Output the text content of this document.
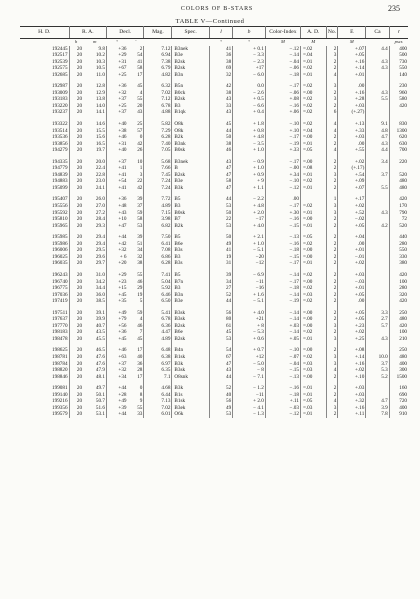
COLORS OF B-STARS	235
TABLE V—Continued
H. D.	R. A.		Decl.		Mag.	Spec.	l	b	Color-Index	A. D.	No.	E	Ca	r
	h	m	°	′			°	°	M	M		M		pscs
192445	20	9.8	+36	2	7.12	B3nek	41	+ 0.1	−.12	=.02	2	+.07	4.4	400
192517	20	10.2	+29	54	6.94	B3e	36	− 3.3	−.14	=.04	3	+.05		500
192539	20	10.3	+31	41	7.38	B2sk	38	− 2.3	−.04	=.01	2	+.16	4.3	730
192575	20	10.5	+67	58	6.79	B2sk	69	+17	−.06	=.02	2	+.14	4.3	550
192685	20	11.0	+25	17	4.82	B3n	32	− 6.0	−.18	=.01	4	+.01		140
192987	20	12.8	+36	45	6.32	B5n	42	0.0	−.17	=.02	3	.00		230
193009	20	12.9	+32	4	7.02	B0ck	38	− 2.6	−.06	=.00	2	+.16	4.3	960
193183	20	13.8	+37	55	7.12	B2sk	43	+ 0.5	+.08	=.02	3	+.28	5.5	580
193220	20	14.0	+25	20	6.78	B3	33	− 6.6	−.16	=.02	2	+.03		420
193237	20	14.1	+37	43	4.88	B1qk	43	+ 0.4	+.06	=.02	6	(+.27)		
193322	20	14.6	+40	25	5.82	O8k	45	+ 1.8	−.10	=.02	4	+.13	9.1	830
193514	20	15.5	+38	57	7.29	O8k	44	+ 0.8	+.10	=.04	4	+.33	4.8	1300
193536	20	15.6	+46	0	6.28	B2k	50	+ 4.8	−.17	=.00	2	+.03	4.7	620
193856	20	16.5	+31	42	7.40	B3nk	38	− 3.5	−.19	=.01	2	.00	4.3	630
194279	20	19.7	+40	26	7.05	B0sk	46	+ 1.0	+.33	=.05	4	+.55	4.4	700
194335	20	20.0	+37	10	5.68	B3nek	43	− 0.9	−.17	=.00	2	+.02	3.4	220
194779	20	22.4	+41	1	7.66	B	47	+ 1.0	−.00	=.08	2	(+.17)		
194839	20	22.8	+41	3	7.45	B2sk	47	+ 0.9	+.34	=.01	3	+.54	3.7	520
194883	20	23.0	+54	22	7.24	B3e	58	+ 9	−.10	=.02	2	+.09		480
195099	20	24.1	+41	42	7.24	B3k	47	+ 1.1	−.12	=.01	2	+.07	5.5	480
195407	20	26.0	+36	39	7.72	B5	44	− 2.2	.00		1	+.17		420
195556	20	27.0	+48	37	4.89	B3	53	+ 4.8	−.17	=.02	3	+.02		170
195592	20	27.2	+43	59	7.15	B0sk	50	+ 2.0	+.30	=.01	3	+.52	4.3	790
195810	20	28.4	+10	58	3.98	B7	22	−17	−.16	=.00	2	−.02		72
195965	20	29.3	+47	53	6.82	B2k	53	+ 4.0	−.15	=.01	2	+.05	4.2	520
195985	20	29.4	+44	39	7.50	B5	50	+ 2.1	−.13	=.05	2	+.04		440
195986	20	29.4	+42	51	6.41	B6e	49	+ 1.0	−.16	=.02	2	.00		280
196006	20	29.5	+32	34	7.08	B3s	41	− 5.1	−.18	=.00	2	+.01		550
196025	20	29.6	+ 6	32	6.86	B3	19	−20	−.15	=.00	2	−.01		330
196035	20	29.7	+20	38	6.28	B3s	31	−12	−.17	=.01	2	+.02		380
196243	20	31.0	+29	55	7.41	B5	39	− 6.9	−.14	=.02	2	+.03		420
196740	20	34.2	+23	46	5.04	B7n	34	−11	−.17	=.00	2	−.03		100
196775	20	34.4	+15	29	5.92	B3	27	−16	−.18	=.02	2	+.01		280
197036	20	36.0	+45	19	6.46	B3n	52	+ 1.6	−.14	=.03	2	+.05		320
197419	20	38.5	+35	5	6.50	B3e	44	− 5.1	−.19	=.02	2	.00		420
197511	20	39.1	+49	59	5.41	B3sk	56	+ 4.0	−.14	=.00	2	+.05	3.3	250
197637	20	39.9	+79	4	6.78	B3sk	80	+21	−.14	=.00	2	+.05	2.7	480
197770	20	40.7	+56	46	6.36	B2sk	61	+ 8	+.03	=.00	3	+.23	5.7	420
198183	20	43.5	+36	7	4.47	B6e	45	− 5.3	−.14	=.02	2	+.02		100
198478	20	45.5	+45	45	4.89	B2sk	53	+ 0.6	+.05	=.01	3	+.25	4.3	210
198625	20	46.5	+46	17	6.48	B4n	54	+ 0.7	−.10	=.00	2	+.08		250
198781	20	47.6	+63	40	6.38	B1sk	67	+12	−.07	=.02	3	+.14	10.0	480
198784	20	47.6	+37	36	6.97	B3k	47	− 5.0	−.04	=.03	3	+.16	3.7	400
198820	20	47.9	+32	28	6.35	B3sk	43	− 8	−.15	=.03	4	+.02	5.3	300
198846	20	48.1	+34	17	7.1	O8snk	44	− 7.1	−.13	=.00	2	+.10	5.2	1500
199081	20	49.7	+44	0	4.68	B3k	52	− 1.2	−.16	=.01	2	+.03		160
199140	20	50.1	+28	8	6.44	B1s	40	−11	−.18	=.01	2	+.03		690
199216	20	50.7	+49	9	7.13	B1sk	56	+ 2.0	+.11	=.05	4	+.32	4.7	720
199356	20	51.6	+39	55	7.02	B3ek	49	− 4.1	−.03	=.03	3	+.16	3.9	400
199579	20	53.1	+44	33	6.01	O6k	53	− 1.3	−.12	=.01	2	+.11	7.8	910
